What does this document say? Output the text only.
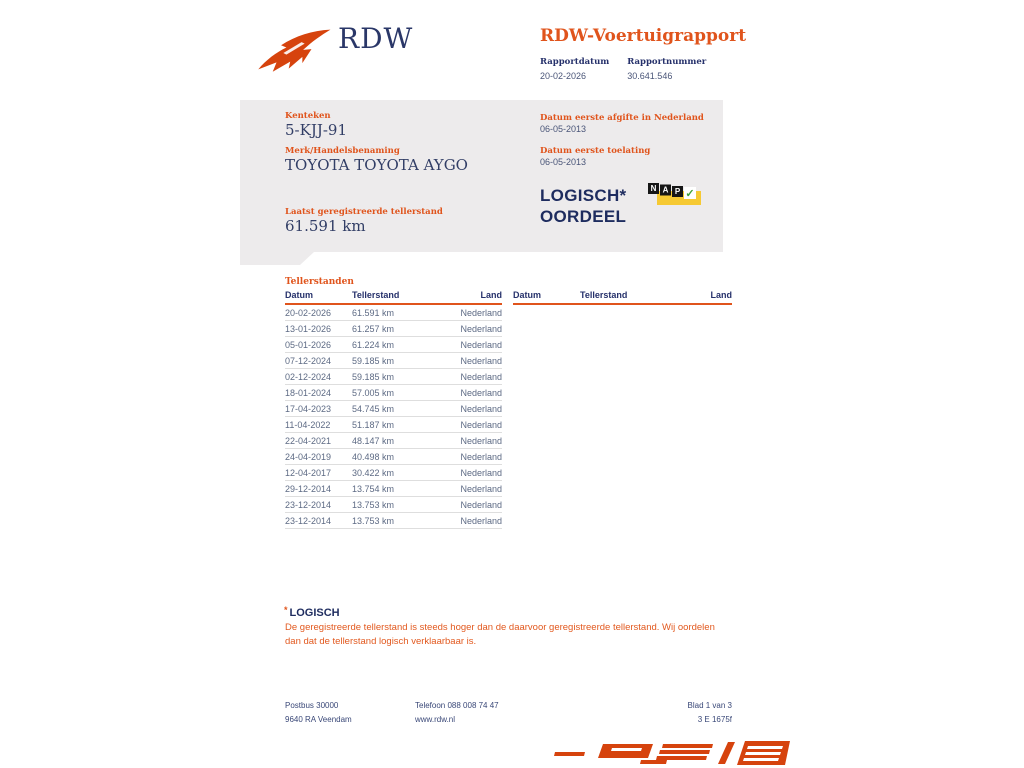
RDW	RDW-Voertuigrapport
Rapportdatum
20-02-2026
Rapportnummer
30.641.546
Kenteken
5-KJJ-91
Merk/Handelsbenaming
TOYOTA TOYOTA AYGO
Laatst geregistreerde tellerstand
61.591 km
Datum eerste afgifte in Nederland
06-05-2013
Datum eerste toelating
06-05-2013
LOGISCH*
OORDEEL
N A P ✓
Tellerstanden
Datum	Tellerstand	Land
20-02-2026	61.591 km	Nederland
13-01-2026	61.257 km	Nederland
05-01-2026	61.224 km	Nederland
07-12-2024	59.185 km	Nederland
02-12-2024	59.185 km	Nederland
18-01-2024	57.005 km	Nederland
17-04-2023	54.745 km	Nederland
11-04-2022	51.187 km	Nederland
22-04-2021	48.147 km	Nederland
24-04-2019	40.498 km	Nederland
12-04-2017	30.422 km	Nederland
29-12-2014	13.754 km	Nederland
23-12-2014	13.753 km	Nederland
23-12-2014	13.753 km	Nederland
Datum	Tellerstand	Land
* LOGISCH
De geregistreerde tellerstand is steeds hoger dan de daarvoor geregistreerde tellerstand. Wij oordelen dan dat de tellerstand logisch verklaarbaar is.
Postbus 30000
9640 RA Veendam
Telefoon 088 008 74 47
www.rdw.nl
Blad 1 van 3
3 E 1675f
